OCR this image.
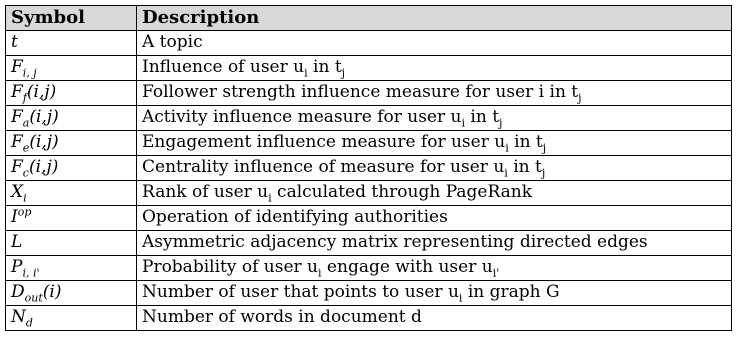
Symbol	Description
t	A topic
$F_{i, j}$	Influence of user $u_i$ in $t_j$
$F_f(i,j)$	Follower strength influence measure for user i in $t_j$
$F_a(i,j)$	Activity influence measure for user $u_i$ in $t_j$
$F_e(i,j)$	Engagement influence measure for user $u_i$ in $t_j$
$F_c(i,j)$	Centrality influence of measure for user $u_i$ in $t_j$
$X_i$	Rank of user $u_i$ calculated through PageRank
$I^{op}$	Operation of identifying authorities
L	Asymmetric adjacency matrix representing directed edges
$P_{i, i'}$	Probability of user $u_i$ engage with user $u_{i'}$
$D_{out}(i)$	Number of user that points to user $u_i$ in graph G
$N_d$	Number of words in document d
